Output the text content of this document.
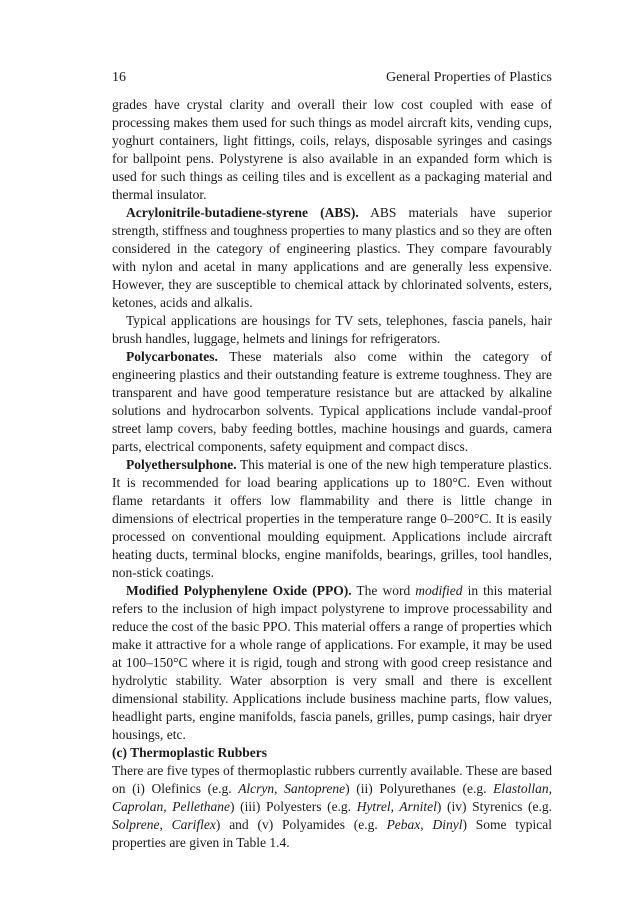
16	General Properties of Plastics

grades have crystal clarity and overall their low cost coupled with ease of processing makes them used for such things as model aircraft kits, vending cups, yoghurt containers, light fittings, coils, relays, disposable syringes and casings for ballpoint pens. Polystyrene is also available in an expanded form which is used for such things as ceiling tiles and is excellent as a packaging material and thermal insulator.

Acrylonitrile-butadiene-styrene (ABS). ABS materials have superior strength, stiffness and toughness properties to many plastics and so they are often considered in the category of engineering plastics. They compare favourably with nylon and acetal in many applications and are generally less expensive. However, they are susceptible to chemical attack by chlorinated solvents, esters, ketones, acids and alkalis.

Typical applications are housings for TV sets, telephones, fascia panels, hair brush handles, luggage, helmets and linings for refrigerators.

Polycarbonates. These materials also come within the category of engineering plastics and their outstanding feature is extreme toughness. They are transparent and have good temperature resistance but are attacked by alkaline solutions and hydrocarbon solvents. Typical applications include vandal-proof street lamp covers, baby feeding bottles, machine housings and guards, camera parts, electrical components, safety equipment and compact discs.

Polyethersulphone. This material is one of the new high temperature plastics. It is recommended for load bearing applications up to 180°C. Even without flame retardants it offers low flammability and there is little change in dimensions of electrical properties in the temperature range 0–200°C. It is easily processed on conventional moulding equipment. Applications include aircraft heating ducts, terminal blocks, engine manifolds, bearings, grilles, tool handles, non-stick coatings.

Modified Polyphenylene Oxide (PPO). The word modified in this material refers to the inclusion of high impact polystyrene to improve processability and reduce the cost of the basic PPO. This material offers a range of properties which make it attractive for a whole range of applications. For example, it may be used at 100–150°C where it is rigid, tough and strong with good creep resistance and hydrolytic stability. Water absorption is very small and there is excellent dimensional stability. Applications include business machine parts, flow values, headlight parts, engine manifolds, fascia panels, grilles, pump casings, hair dryer housings, etc.

(c) Thermoplastic Rubbers

There are five types of thermoplastic rubbers currently available. These are based on (i) Olefinics (e.g. Alcryn, Santoprene) (ii) Polyurethanes (e.g. Elastollan, Caprolan, Pellethane) (iii) Polyesters (e.g. Hytrel, Arnitel) (iv) Styrenics (e.g. Solprene, Cariflex) and (v) Polyamides (e.g. Pebax, Dinyl) Some typical properties are given in Table 1.4.
